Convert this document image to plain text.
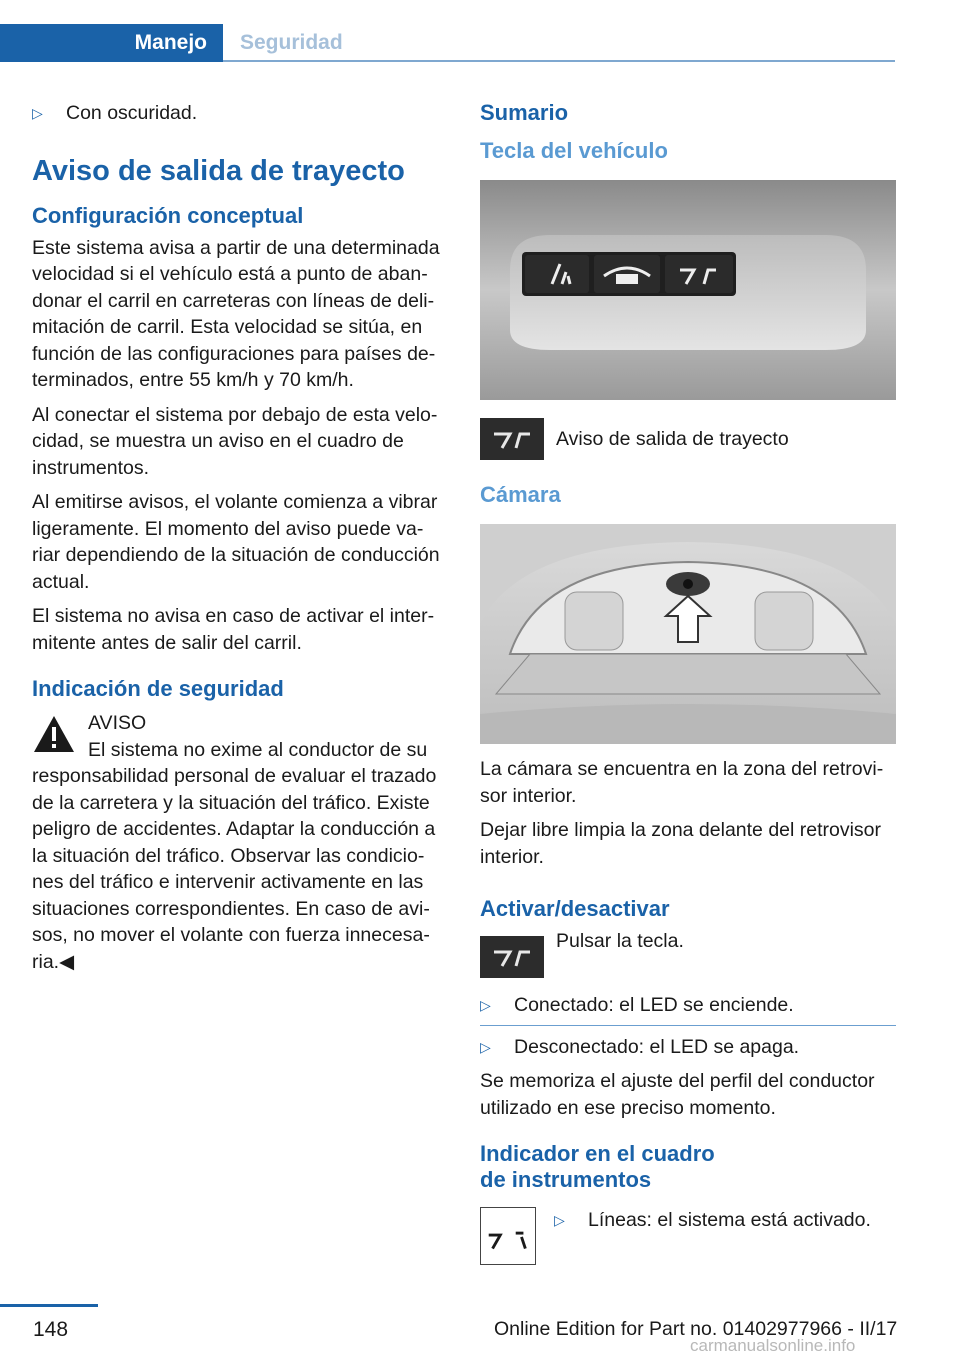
Manejo	Seguridad
▷	Con oscuridad.
Aviso de salida de trayecto
Configuración conceptual

Este sistema avisa a partir de una determinada velocidad si el vehículo está a punto de abandonar el carril en carreteras con líneas de delimitación de carril. Esta velocidad se sitúa, en función de las configuraciones para países determinados, entre 55 km/h y 70 km/h.

Al conectar el sistema por debajo de esta velocidad, se muestra un aviso en el cuadro de instrumentos.

Al emitirse avisos, el volante comienza a vibrar ligeramente. El momento del aviso puede variar dependiendo de la situación de conducción actual.

El sistema no avisa en caso de activar el intermitente antes de salir del carril.

Indicación de seguridad
AVISO
El sistema no exime al conductor de su responsabilidad personal de evaluar el trazado de la carretera y la situación del tráfico. Existe peligro de accidentes. Adaptar la conducción a la situación del tráfico. Observar las condiciones del tráfico e intervenir activamente en las situaciones correspondientes. En caso de avisos, no mover el volante con fuerza innecesaria.◀
Sumario
Tecla del vehículo
Aviso de salida de trayecto
Cámara

La cámara se encuentra en la zona del retrovisor interior.

Dejar libre limpia la zona delante del retrovisor interior.

Activar/desactivar
Pulsar la tecla.
▷	Conectado: el LED se enciende.
▷	Desconectado: el LED se apaga.

Se memoriza el ajuste del perfil del conductor utilizado en ese preciso momento.

Indicador en el cuadro
de instrumentos
▷	Líneas: el sistema está activado.
148	Online Edition for Part no. 01402977966 - II/17
carmanualsonline.info
